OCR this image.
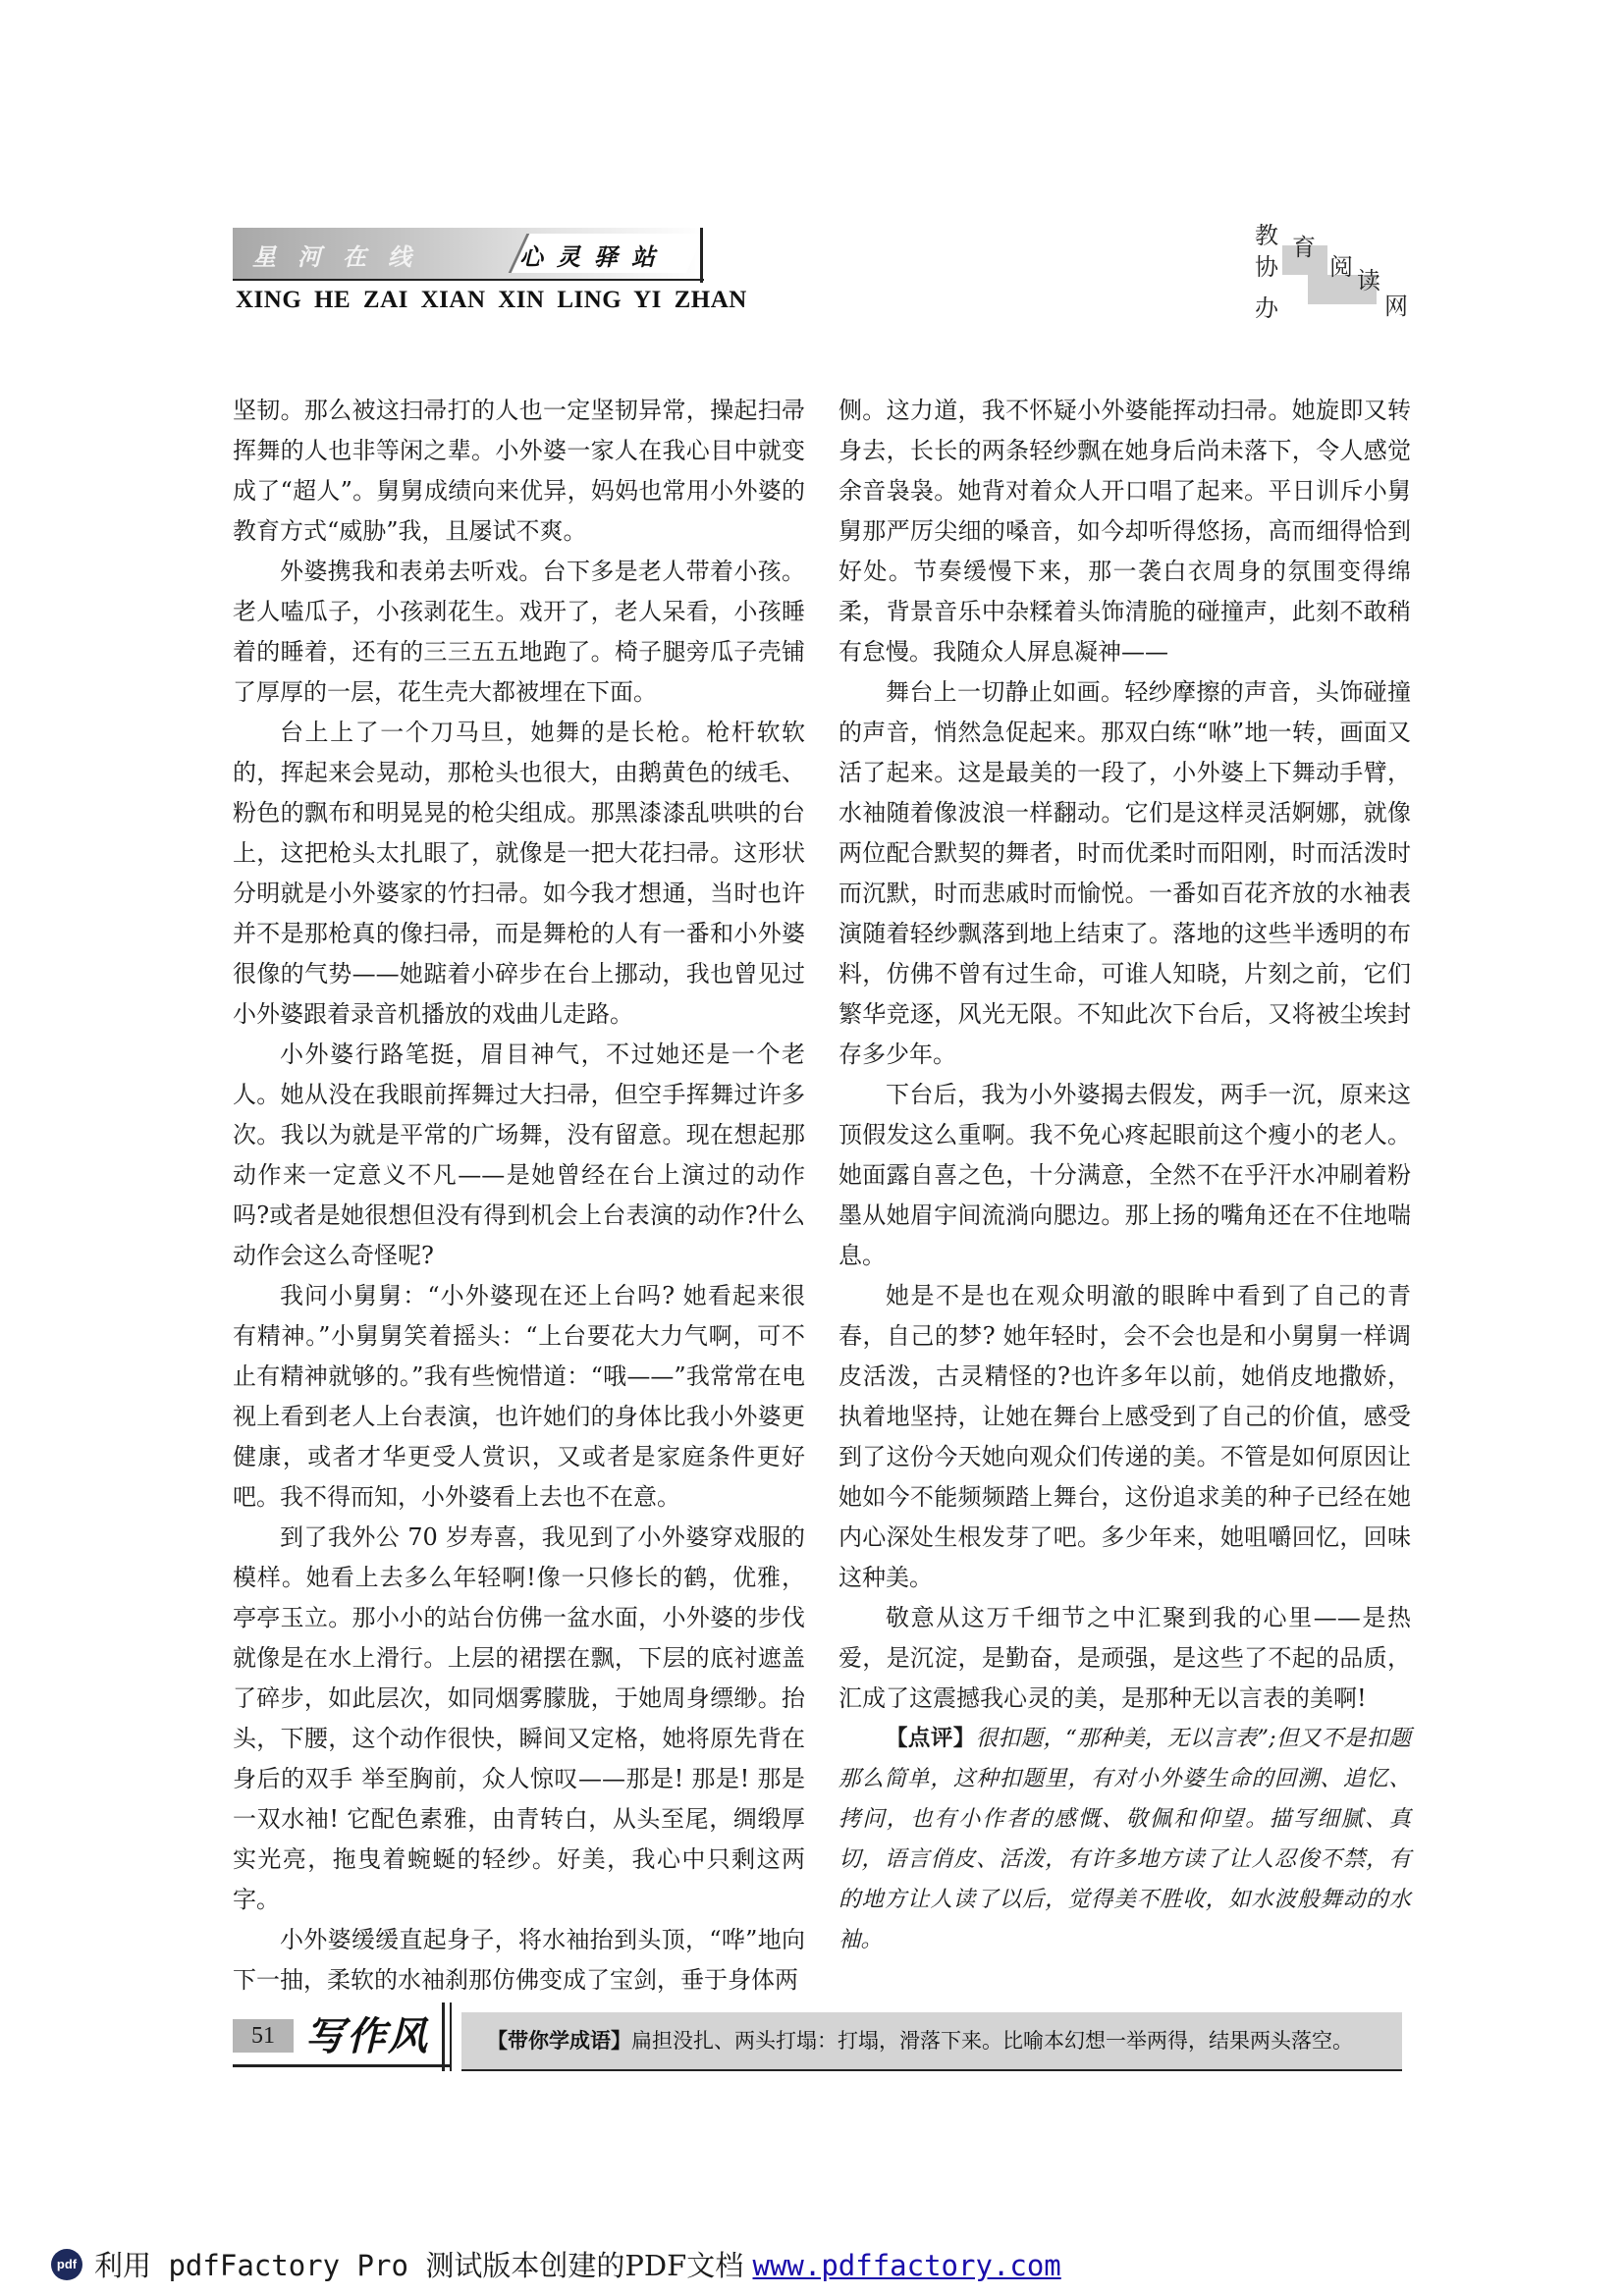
星河在线	心灵驿站
XING HE ZAI XIAN XIN LING YI ZHAN
教 育
协 阅 读
办	网

坚韧。那么被这扫帚打的人也一定坚韧异常，操起扫帚挥舞的人也非等闲之辈。小外婆一家人在我心目中就变成了“超人”。舅舅成绩向来优异，妈妈也常用小外婆的教育方式“威胁”我，且屡试不爽。

外婆携我和表弟去听戏。台下多是老人带着小孩。老人嗑瓜子，小孩剥花生。戏开了，老人呆看，小孩睡着的睡着，还有的三三五五地跑了。椅子腿旁瓜子壳铺了厚厚的一层，花生壳大都被埋在下面。

台上上了一个刀马旦，她舞的是长枪。枪杆软软的，挥起来会晃动，那枪头也很大，由鹅黄色的绒毛、粉色的飘布和明晃晃的枪尖组成。那黑漆漆乱哄哄的台上，这把枪头太扎眼了，就像是一把大花扫帚。这形状分明就是小外婆家的竹扫帚。如今我才想通，当时也许并不是那枪真的像扫帚，而是舞枪的人有一番和小外婆很像的气势——她踮着小碎步在台上挪动，我也曾见过小外婆跟着录音机播放的戏曲儿走路。

小外婆行路笔挺，眉目神气，不过她还是一个老人。她从没在我眼前挥舞过大扫帚，但空手挥舞过许多次。我以为就是平常的广场舞，没有留意。现在想起那动作来一定意义不凡——是她曾经在台上演过的动作吗?或者是她很想但没有得到机会上台表演的动作?什么动作会这么奇怪呢?

我问小舅舅：“小外婆现在还上台吗? 她看起来很有精神。”小舅舅笑着摇头：“上台要花大力气啊，可不止有精神就够的。”我有些惋惜道：“哦——”我常常在电视上看到老人上台表演，也许她们的身体比我小外婆更健康，或者才华更受人赏识，又或者是家庭条件更好吧。我不得而知，小外婆看上去也不在意。

到了我外公 70 岁寿喜，我见到了小外婆穿戏服的模样。她看上去多么年轻啊!像一只修长的鹤，优雅，亭亭玉立。那小小的站台仿佛一盆水面，小外婆的步伐就像是在水上滑行。上层的裙摆在飘，下层的底衬遮盖了碎步，如此层次，如同烟雾朦胧，于她周身缥缈。抬头，下腰，这个动作很快，瞬间又定格，她将原先背在身后的双手 举至胸前，众人惊叹——那是! 那是! 那是一双水袖! 它配色素雅，由青转白，从头至尾，绸缎厚实光亮，拖曳着蜿蜒的轻纱。好美，我心中只剩这两字。

小外婆缓缓直起身子，将水袖抬到头顶，“哗”地向下一抽，柔软的水袖刹那仿佛变成了宝剑，垂于身体两

侧。这力道，我不怀疑小外婆能挥动扫帚。她旋即又转身去，长长的两条轻纱飘在她身后尚未落下，令人感觉余音袅袅。她背对着众人开口唱了起来。平日训斥小舅舅那严厉尖细的嗓音，如今却听得悠扬，高而细得恰到好处。节奏缓慢下来，那一袭白衣周身的氛围变得绵柔，背景音乐中杂糅着头饰清脆的碰撞声，此刻不敢稍有怠慢。我随众人屏息凝神——

舞台上一切静止如画。轻纱摩擦的声音，头饰碰撞的声音，悄然急促起来。那双白练“咻”地一转，画面又活了起来。这是最美的一段了，小外婆上下舞动手臂，水袖随着像波浪一样翻动。它们是这样灵活婀娜，就像两位配合默契的舞者，时而优柔时而阳刚，时而活泼时而沉默，时而悲戚时而愉悦。一番如百花齐放的水袖表演随着轻纱飘落到地上结束了。落地的这些半透明的布料，仿佛不曾有过生命，可谁人知晓，片刻之前，它们繁华竞逐，风光无限。不知此次下台后，又将被尘埃封存多少年。

下台后，我为小外婆揭去假发，两手一沉，原来这顶假发这么重啊。我不免心疼起眼前这个瘦小的老人。她面露自喜之色，十分满意，全然不在乎汗水冲刷着粉墨从她眉宇间流淌向腮边。那上扬的嘴角还在不住地喘息。

她是不是也在观众明澈的眼眸中看到了自己的青春，自己的梦? 她年轻时，会不会也是和小舅舅一样调皮活泼，古灵精怪的?也许多年以前，她俏皮地撒娇，执着地坚持，让她在舞台上感受到了自己的价值，感受到了这份今天她向观众们传递的美。不管是如何原因让她如今不能频频踏上舞台，这份追求美的种子已经在她内心深处生根发芽了吧。多少年来，她咀嚼回忆，回味这种美。

敬意从这万千细节之中汇聚到我的心里——是热爱，是沉淀，是勤奋，是顽强，是这些了不起的品质，汇成了这震撼我心灵的美，是那种无以言表的美啊!

【点评】很扣题，“那种美，无以言表”;但又不是扣题那么简单，这种扣题里，有对小外婆生命的回溯、追忆、拷问，也有小作者的感慨、敬佩和仰望。描写细腻、真切，语言俏皮、活泼，有许多地方读了让人忍俊不禁，有的地方让人读了以后，觉得美不胜收，如水波般舞动的水袖。

51 写作风	【带你学成语】扁担没扎、两头打塌：打塌，滑落下来。比喻本幻想一举两得，结果两头落空。
pdf 利用 pdfFactory Pro 测试版本创建的PDF文档 www.pdffactory.com
